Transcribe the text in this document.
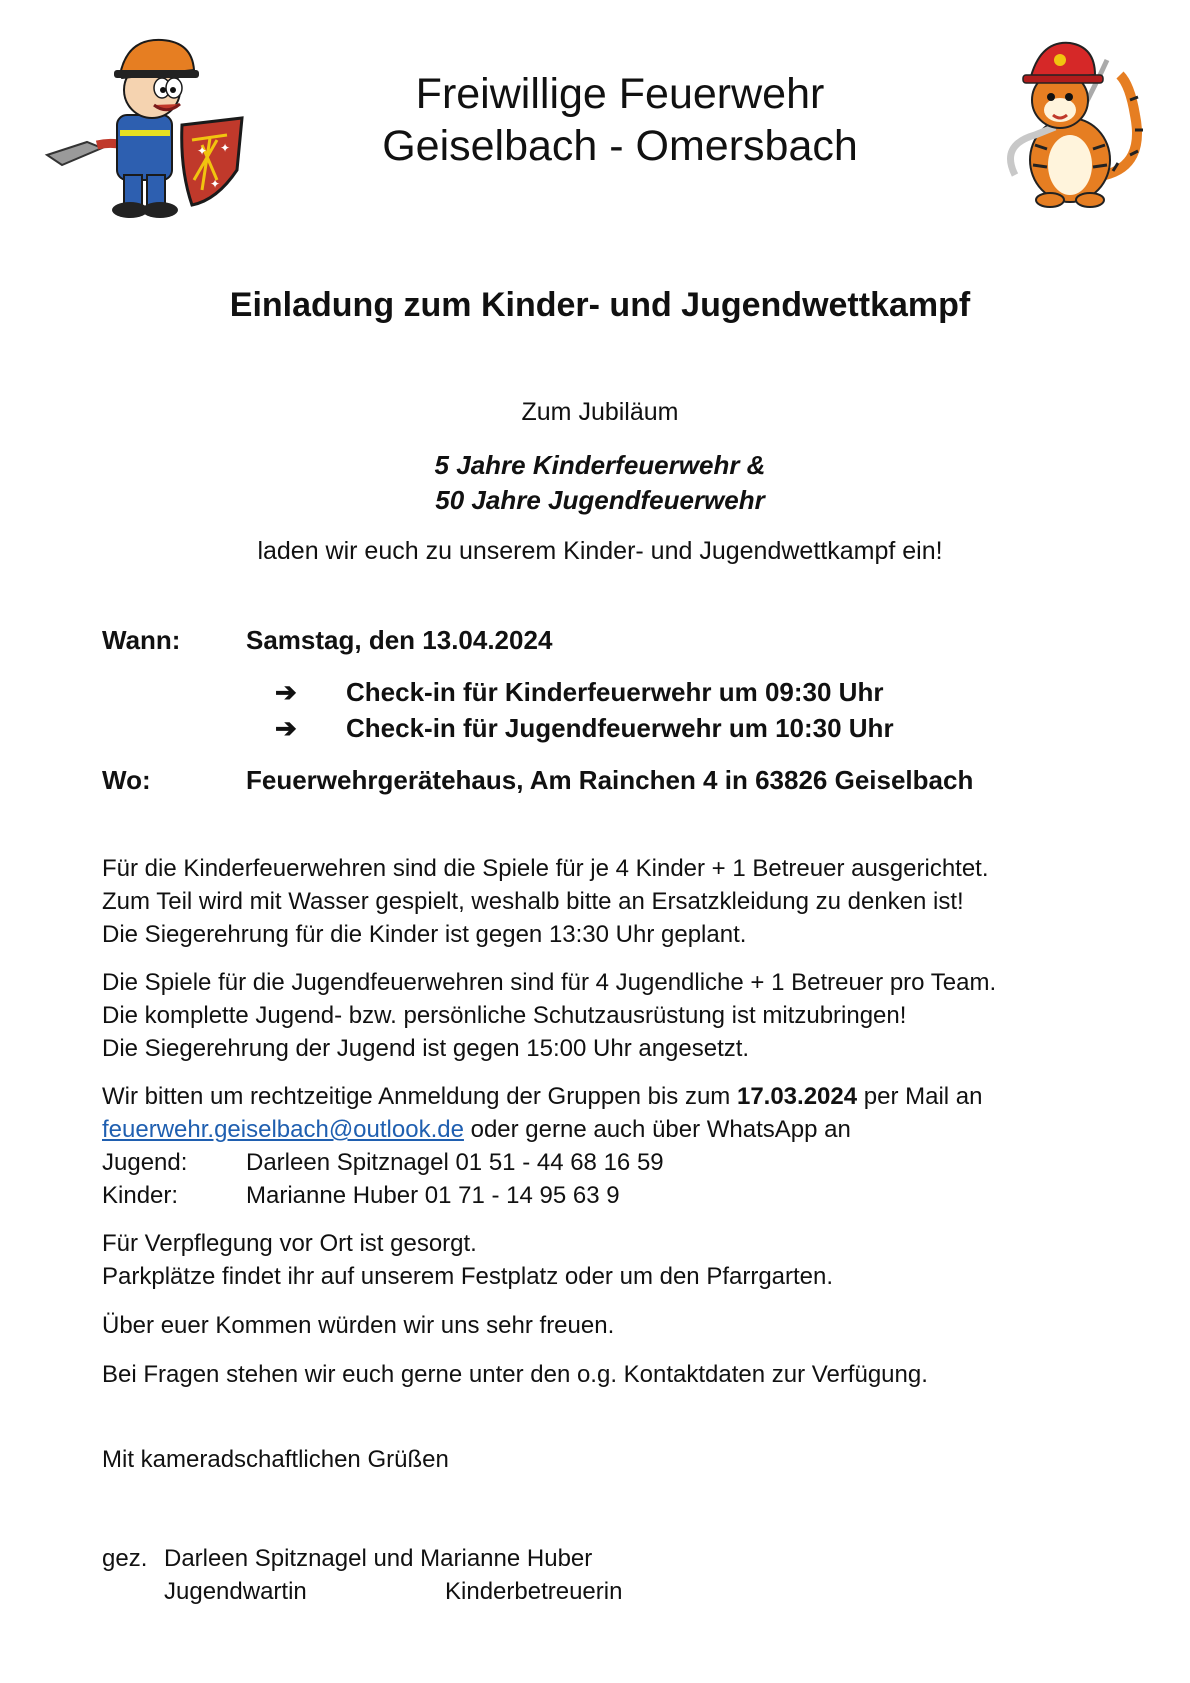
✦ ✦
✦
Freiwillige Feuerwehr
Geiselbach - Omersbach
Einladung zum Kinder- und Jugendwettkampf
Zum Jubiläum
5 Jahre Kinderfeuerwehr &
50 Jahre Jugendfeuerwehr
laden wir euch zu unserem Kinder- und Jugendwettkampf ein!
Wann:	Samstag, den 13.04.2024
➔ Check-in für Kinderfeuerwehr um 09:30 Uhr
➔ Check-in für Jugendfeuerwehr um 10:30 Uhr
Wo:	Feuerwehrgerätehaus, Am Rainchen 4 in 63826 Geiselbach
Für die Kinderfeuerwehren sind die Spiele für je 4 Kinder + 1 Betreuer ausgerichtet.
Zum Teil wird mit Wasser gespielt, weshalb bitte an Ersatzkleidung zu denken ist!
Die Siegerehrung für die Kinder ist gegen 13:30 Uhr geplant.
Die Spiele für die Jugendfeuerwehren sind für 4 Jugendliche + 1 Betreuer pro Team.
Die komplette Jugend- bzw. persönliche Schutzausrüstung ist mitzubringen!
Die Siegerehrung der Jugend ist gegen 15:00 Uhr angesetzt.
Wir bitten um rechtzeitige Anmeldung der Gruppen bis zum 17.03.2024 per Mail an
feuerwehr.geiselbach@outlook.de oder gerne auch über WhatsApp an
Jugend: Darleen Spitznagel 01 51 - 44 68 16 59
Kinder:	Marianne Huber 01 71 - 14 95 63 9
Für Verpflegung vor Ort ist gesorgt.
Parkplätze findet ihr auf unserem Festplatz oder um den Pfarrgarten.
Über euer Kommen würden wir uns sehr freuen.
Bei Fragen stehen wir euch gerne unter den o.g. Kontaktdaten zur Verfügung.
Mit kameradschaftlichen Grüßen
gez. Darleen Spitznagel und Marianne Huber
Jugendwartin	Kinderbetreuerin
